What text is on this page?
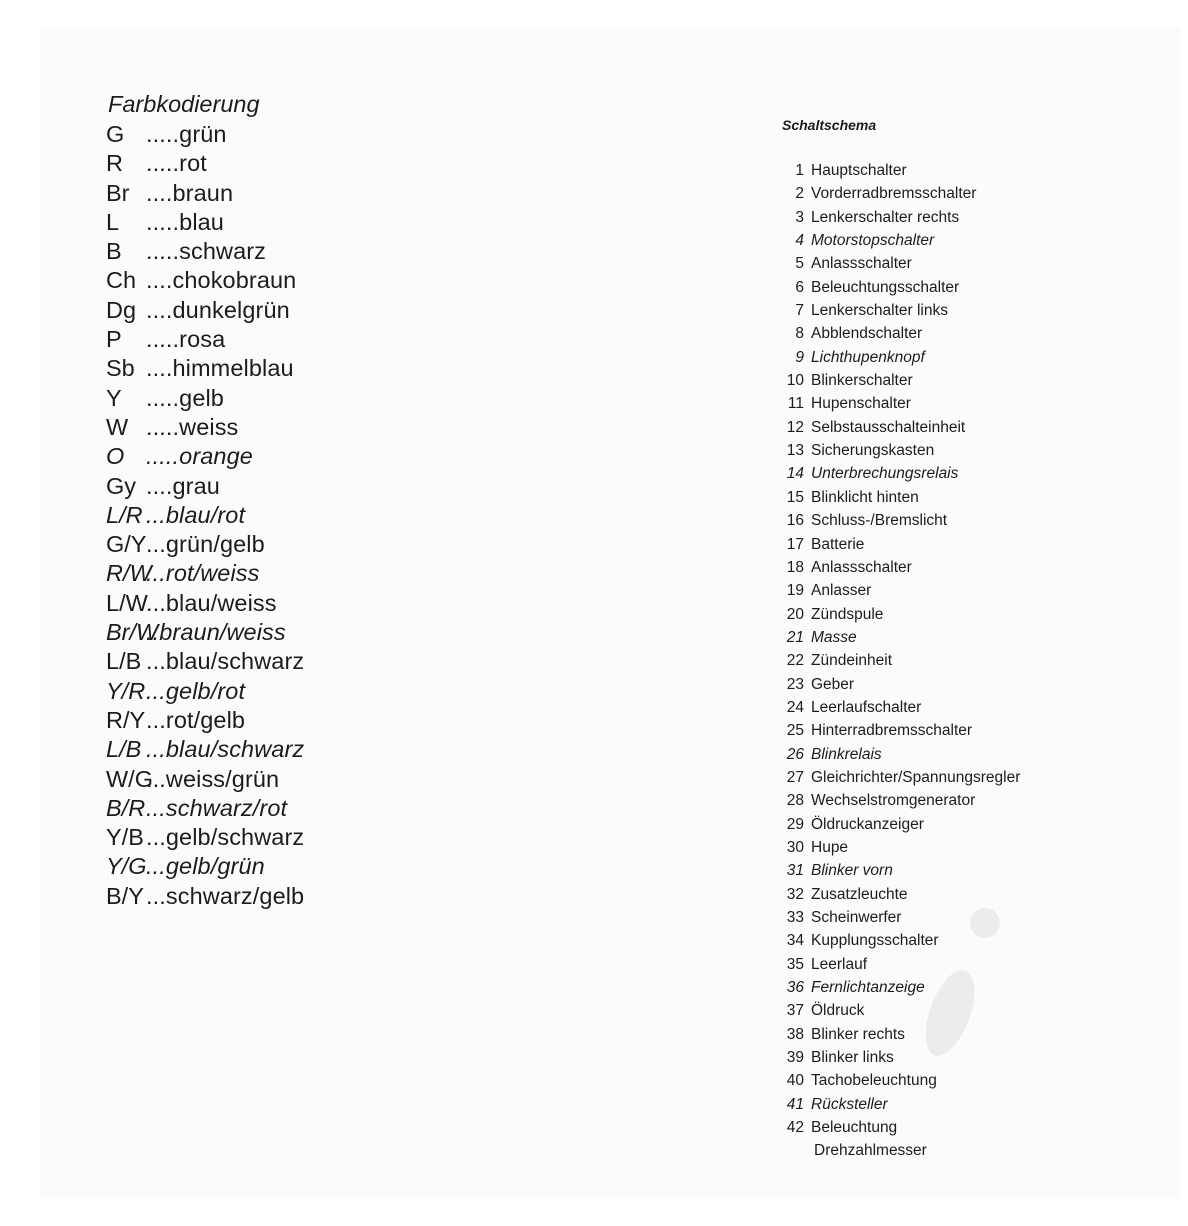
Farbkodierung
G .....grün
R .....rot
Br ....braun
L .....blau
B .....schwarz
Ch ....chokobraun
Dg ....dunkelgrün
P .....rosa
Sb ....himmelblau
Y .....gelb
W .....weiss
O .....orange
Gy ....grau
L/R ...blau/rot
G/Y ...grün/gelb
R/W
...rot/weiss
L/W
...blau/weiss
Br/W
..braun/weiss
L/B ...blau/schwarz
Y/R ...gelb/rot
R/Y ...rot/gelb
L/B ...blau/schwarz
W/G
...weiss/grün
B/R ...schwarz/rot
Y/B ...gelb/schwarz
Y/G ...gelb/grün
B/Y ...schwarz/gelb
Schaltschema
1 Hauptschalter
2 Vorderradbremsschalter
3 Lenkerschalter rechts
4 Motorstopschalter
5 Anlassschalter
6 Beleuchtungsschalter
7 Lenkerschalter links
8 Abblendschalter
9 Lichthupenknopf
10 Blinkerschalter
11 Hupenschalter
12 Selbstausschalteinheit
13 Sicherungskasten
14 Unterbrechungsrelais
15 Blinklicht hinten
16 Schluss-/Bremslicht
17 Batterie
18 Anlassschalter
19 Anlasser
20 Zündspule
21 Masse
22 Zündeinheit
23 Geber
24 Leerlaufschalter
25 Hinterradbremsschalter
26 Blinkrelais
27 Gleichrichter/Spannungsregler
28 Wechselstromgenerator
29 Öldruckanzeiger
30 Hupe
31 Blinker vorn
32 Zusatzleuchte
33 Scheinwerfer
34 Kupplungsschalter
35 Leerlauf
36 Fernlichtanzeige
37 Öldruck
38 Blinker rechts
39 Blinker links
40 Tachobeleuchtung
41 Rücksteller
42 Beleuchtung
Drehzahlmesser
